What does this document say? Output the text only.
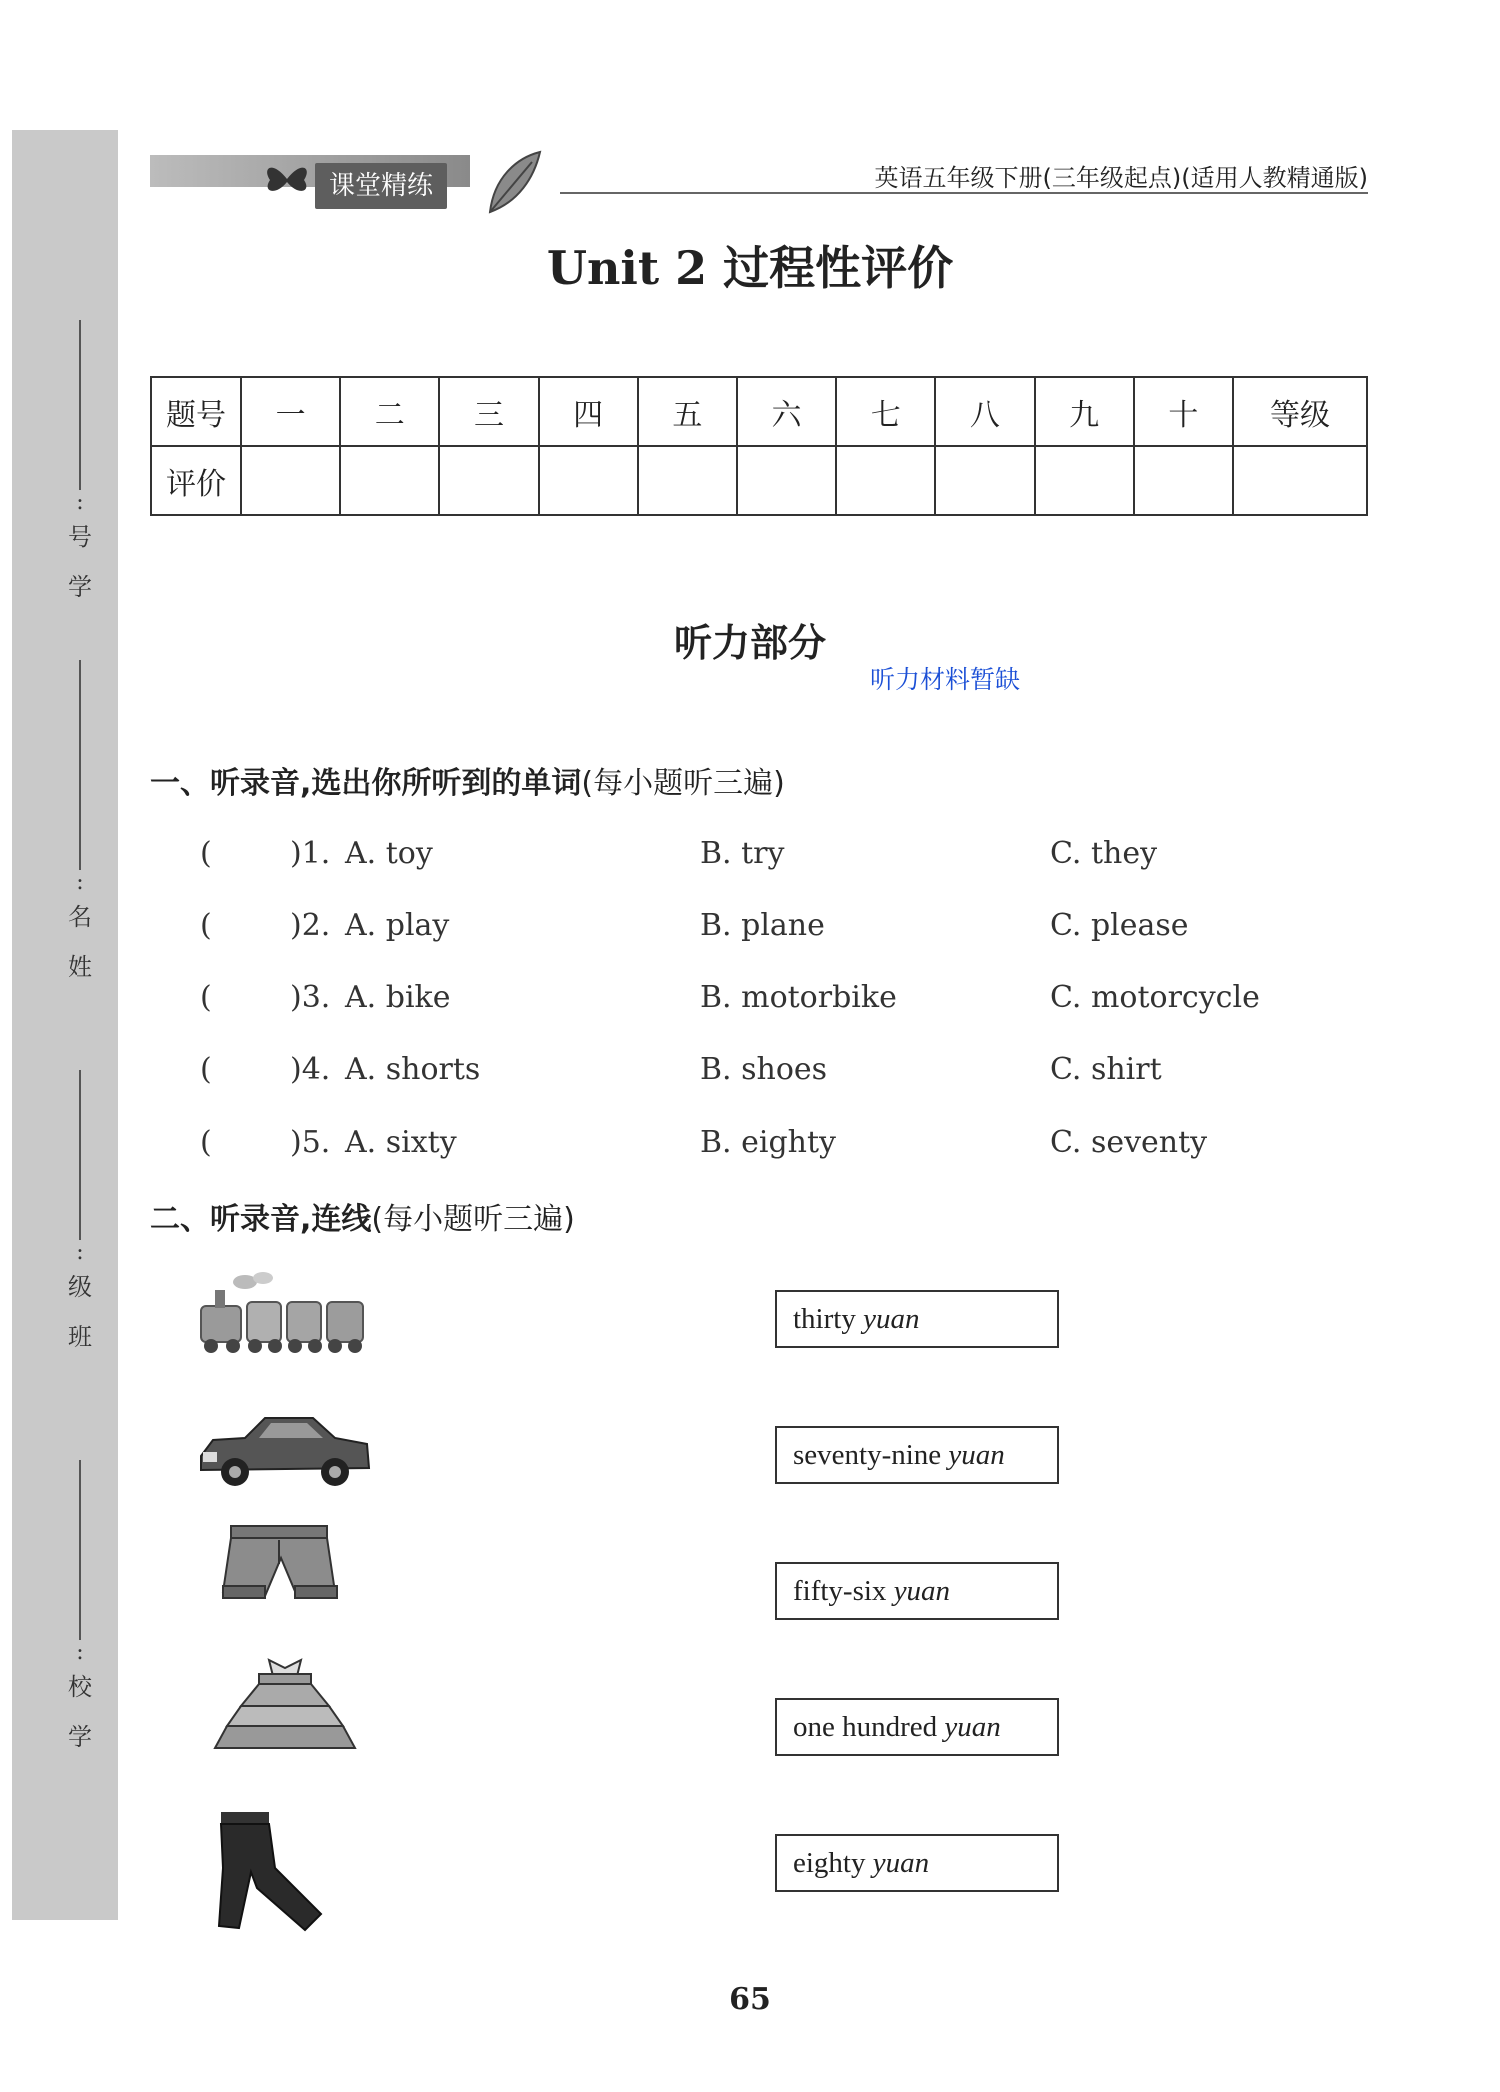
:
号
学
:
名
姓
:
级
班
:
校
学
课堂精练	英语五年级下册(三年级起点)(适用人教精通版)
Unit 2 过程性评价
题号	一	二	三	四	五	六	七	八	九	十	等级
评价											
听力部分
听力材料暂缺
一、听录音,选出你所听到的单词(每小题听三遍)
(	)1. A. toy	B. try	C. they
(	)2. A. play	B. plane	C. please
(	)3. A. bike	B. motorbike	C. motorcycle
(	)4. A. shorts	B. shoes	C. shirt
(	)5. A. sixty	B. eighty	C. seventy
二、听录音,连线(每小题听三遍)
thirty yuan
seventy-nine yuan
fifty-six yuan
one hundred yuan
eighty yuan
65
